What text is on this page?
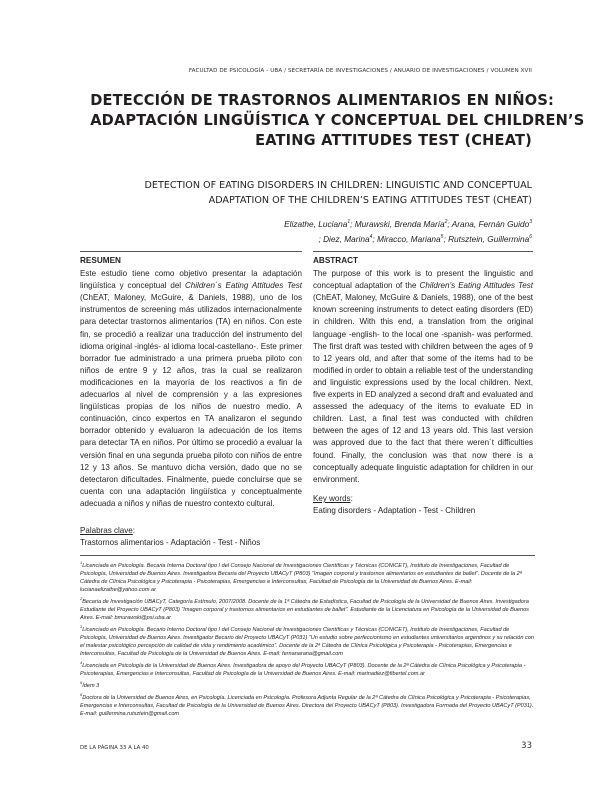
FACULTAD DE PSICOLOGÍA - UBA / SECRETARÍA DE INVESTIGACIONES / ANUARIO DE INVESTIGACIONES / VOLUMEN XVII
DETECCIÓN DE TRASTORNOS ALIMENTARIOS EN NIÑOS:
ADAPTACIÓN LINGÜÍSTICA Y CONCEPTUAL DEL CHILDREN’S
EATING ATTITUDES TEST (CHEAT)
DETECTION OF EATING DISORDERS IN CHILDREN: LINGUISTIC AND CONCEPTUAL
ADAPTATION OF THE CHILDREN’S EATING ATTITUDES TEST (CHEAT)
Elizathe, Luciana$^1$; Murawski, Brenda María$^2$; Arana, Fernán Guido$^3$
; Diez, Marina$^4$; Miracco, Mariana$^5$; Rutsztein, Guillermina$^6$
RESUMEN

Este estudio tiene como objetivo presentar la adaptación lingüística y conceptual del Children´s Eating Attitudes Test (ChEAT, Maloney, McGuire, & Daniels, 1988), uno de los instrumentos de screening más utilizados internacionalmente para detectar trastornos alimentarios (TA) en niños. Con este fin, se procedió a realizar una traducción del instrumento del idioma original -inglés- al idioma local-castellano-. Este primer borrador fue administrado a una primera prueba piloto con niños de entre 9 y 12 años, tras la cual se realizaron modificaciones en la mayoría de los reactivos a fin de adecuarlos al nivel de comprensión y a las expresiones lingüísticas propias de los niños de nuestro medio. A continuación, cinco expertos en TA analizaron el segundo borrador obtenido y evaluaron la adecuación de los ítems para detectar TA en niños. Por último se procedió a evaluar la versión final en una segunda prueba piloto con niños de entre 12 y 13 años. Se mantuvo dicha versión, dado que no se detectaron dificultades. Finalmente, puede concluirse que se cuenta con una adaptación lingüística y conceptualmente adecuada a niños y niñas de nuestro contexto cultural.

ABSTRACT

The purpose of this work is to present the linguistic and conceptual adaptation of the Children’s Eating Attitudes Test (ChEAT, Maloney, McGuire & Daniels, 1988), one of the best known screening instruments to detect eating disorders (ED) in children. With this end, a translation from the original language -english- to the local one -spanish- was performed. The first draft was tested with children between the ages of 9 to 12 years old, and after that some of the items had to be modified in order to obtain a reliable test of the understanding and linguistic expressions used by the local children. Next, five experts in ED analyzed a second draft and evaluated and assessed the adequacy of the items to evaluate ED in children. Last, a final test was conducted with children between the ages of 12 and 13 years old. This last version was approved due to the fact that there weren´t difficulties found. Finally, the conclusion was that now there is a conceptually adequate linguistic adaptation for children in our environment.

Key words:
Eating disorders - Adaptation - Test - Children
Palabras clave:
Trastornos alimentarios - Adaptación - Test - Niños
$^1$Licenciada en Psicología. Becaria Interna Doctoral tipo I del Consejo Nacional de Investigaciones Científicas y Técnicas (CONICET), Instituto de Investigaciones, Facultad de Psicología, Universidad de Buenos Aires. Investigadora Becaria del Proyecto UBACyT (P803) “Imagen corporal y trastornos alimentarios en estudiantes de ballet”. Docente de la 2ª Cátedra de Clínica Psicológica y Psicoterapia - Psicoterapias, Emergencias e Interconsultas, Facultad de Psicología de la Universidad de Buenos Aires. E-mail: lucianaelizathe@yahoo.com.ar
$^2$Becaria de Investigación UBACyT, Categoría Estímulo, 2007/2008. Docente de la 1ª Cátedra de Estadística, Facultad de Psicología de la Universidad de Buenos Aires. Investigadora Estudiante del Proyecto UBACyT (P803) “Imagen corporal y trastornos alimentarios en estudiantes de ballet”. Estudiante de la Licenciatura en Psicología de la Universidad de Buenos Aires. E-mail: bmurawski@psi.uba.ar
$^3$Licenciado en Psicología. Becario Interno Doctoral tipo I del Consejo Nacional de Investigaciones Científicas y Técnicas (CONICET), Instituto de Investigaciones, Facultad de Psicología, Universidad de Buenos Aires. Investigador Becario del Proyecto UBACyT (P031) “Un estudio sobre perfeccionismo en estudiantes universitarios argentinos y su relación con el malestar psicológico percepción de calidad de vida y rendimiento académico”. Docente de la 2ª Cátedra de Clínica Psicológica y Psicoterapia - Psicoterapias, Emergencias e Interconsultas, Facultad de Psicología de la Universidad de Buenos Aires. E-mail: fernanarana@gmail.com
$^4$Licenciada en Psicología de la Universidad de Buenos Aires. Investigadora de apoyo del Proyecto UBACyT (P803). Docente de la 2ª Cátedra de Clínica Psicológica y Psicoterapia - Psicoterapias, Emergencias e Interconsultas, Facultad de Psicología de la Universidad de Buenos Aires. E-mail: marinadiez@fibertel.com.ar
$^5$Ídem 3
$^6$Doctora de la Universidad de Buenos Aires, en Psicología. Licenciada en Psicología. Profesora Adjunta Regular de la 2ª Cátedra de Clínica Psicológica y Psicoterapia - Psicoterapias, Emergencias e Interconsultas, Facultad de Psicología de la Universidad de Buenos Aires. Directora del Proyecto UBACyT (P803). Investigadora Formada del Proyecto UBACyT (P031). E-mail: guillermina.rutsztein@gmail.com
DE LA PÁGINA 33 A LA 40	33
